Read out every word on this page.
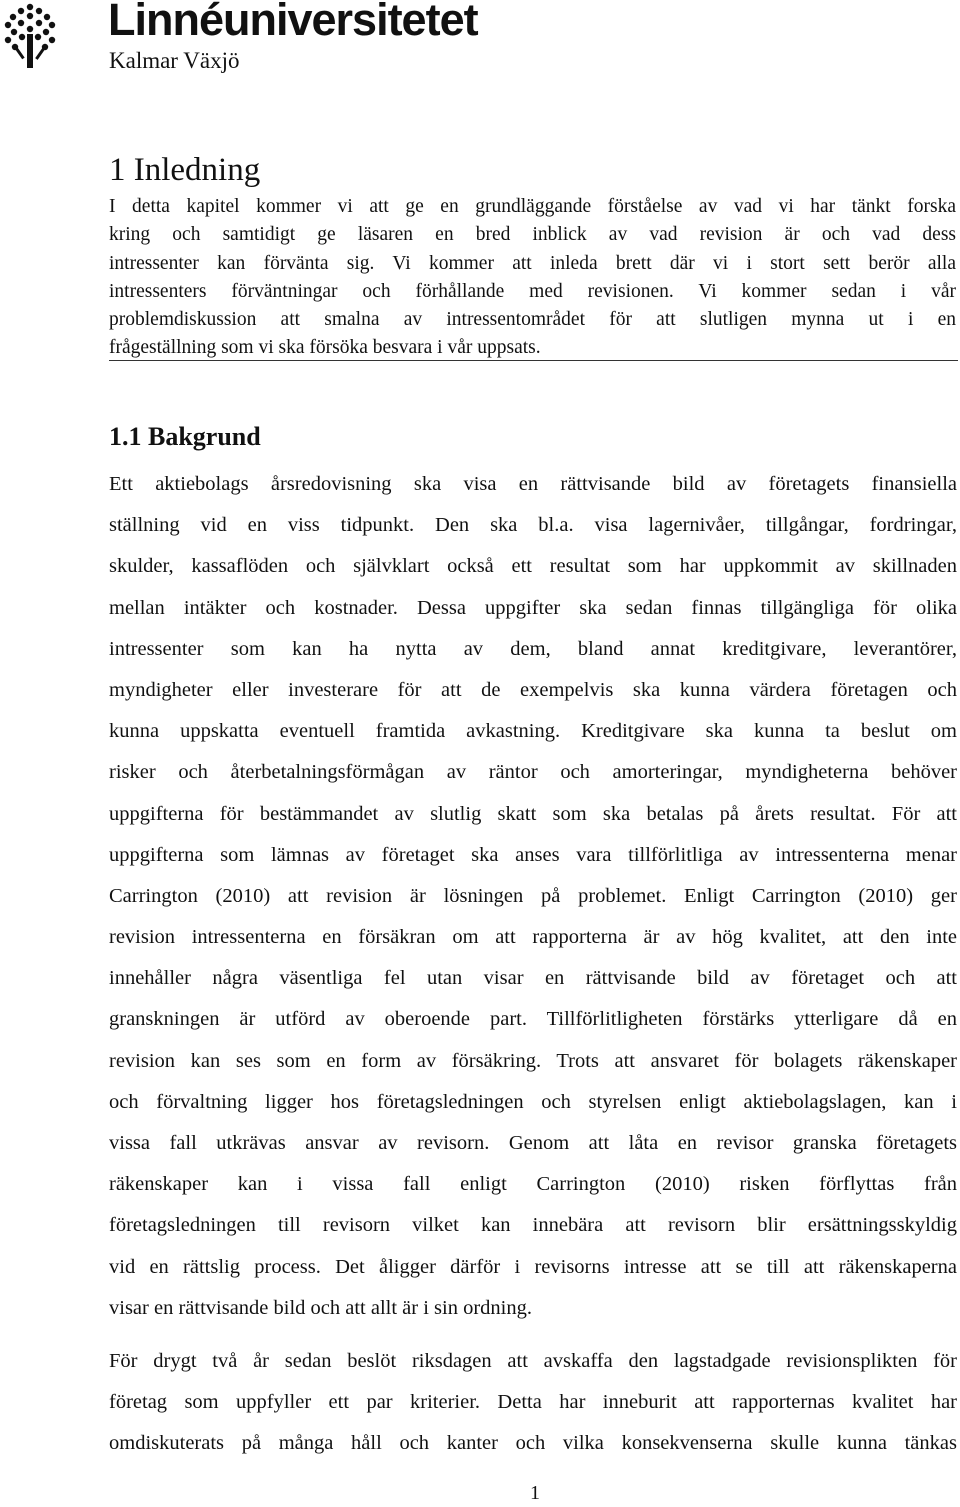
Linnéuniversitetet
Kalmar Växjö
1 Inledning
I detta kapitel kommer vi att ge en grundläggande förståelse av vad vi har tänkt forska
kring och samtidigt ge läsaren en bred inblick av vad revision är och vad dess
intressenter kan förvänta sig. Vi kommer att inleda brett där vi i stort sett berör alla
intressenters förväntningar och förhållande med revisionen. Vi kommer sedan i vår
problemdiskussion att smalna av intressentområdet för att slutligen mynna ut i en
frågeställning som vi ska försöka besvara i vår uppsats.
1.1 Bakgrund
Ett aktiebolags årsredovisning ska visa en rättvisande bild av företagets finansiella
ställning vid en viss tidpunkt. Den ska bl.a. visa lagernivåer, tillgångar, fordringar,
skulder, kassaflöden och självklart också ett resultat som har uppkommit av skillnaden
mellan intäkter och kostnader. Dessa uppgifter ska sedan finnas tillgängliga för olika
intressenter som kan ha nytta av dem, bland annat kreditgivare, leverantörer,
myndigheter eller investerare för att de exempelvis ska kunna värdera företagen och
kunna uppskatta eventuell framtida avkastning. Kreditgivare ska kunna ta beslut om
risker och återbetalningsförmågan av räntor och amorteringar, myndigheterna behöver
uppgifterna för bestämmandet av slutlig skatt som ska betalas på årets resultat. För att
uppgifterna som lämnas av företaget ska anses vara tillförlitliga av intressenterna menar
Carrington (2010) att revision är lösningen på problemet. Enligt Carrington (2010) ger
revision intressenterna en försäkran om att rapporterna är av hög kvalitet, att den inte
innehåller några väsentliga fel utan visar en rättvisande bild av företaget och att
granskningen är utförd av oberoende part. Tillförlitligheten förstärks ytterligare då en
revision kan ses som en form av försäkring. Trots att ansvaret för bolagets räkenskaper
och förvaltning ligger hos företagsledningen och styrelsen enligt aktiebolagslagen, kan i
vissa fall utkrävas ansvar av revisorn. Genom att låta en revisor granska företagets
räkenskaper kan i vissa fall enligt Carrington (2010) risken förflyttas från
företagsledningen till revisorn vilket kan innebära att revisorn blir ersättningsskyldig
vid en rättslig process. Det åligger därför i revisorns intresse att se till att räkenskaperna
visar en rättvisande bild och att allt är i sin ordning.
För drygt två år sedan beslöt riksdagen att avskaffa den lagstadgade revisionsplikten för
företag som uppfyller ett par kriterier. Detta har inneburit att rapporternas kvalitet har
omdiskuterats på många håll och kanter och vilka konsekvenserna skulle kunna tänkas
1
